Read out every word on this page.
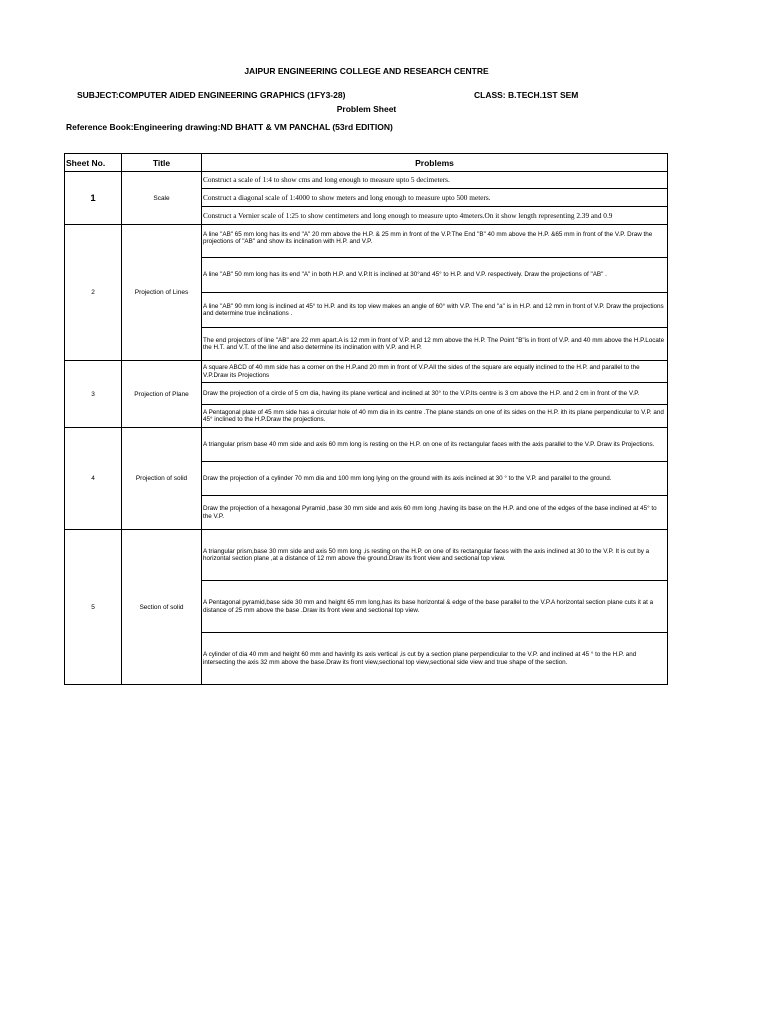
JAIPUR ENGINEERING COLLEGE AND RESEARCH CENTRE
SUBJECT:COMPUTER AIDED ENGINEERING GRAPHICS (1FY3-28)	CLASS: B.TECH.1ST SEM
Problem Sheet
Reference Book:Engineering drawing:ND BHATT & VM PANCHAL (53rd EDITION)
Sheet No.	Title	Problems
1	Scale	Construct a scale of 1:4 to show cms and long enough to measure upto 5 decimeters.
		Construct a diagonal scale of 1:4000 to show meters and long enough to measure upto 500 meters.
		Construct a Vernier scale of 1:25 to show centimeters and long enough to measure upto 4meters.On it show length representing 2.39 and 0.9
2	Projection of Lines	A line "AB" 65 mm long has its end "A" 20 mm above the H.P. & 25 mm in front of the V.P.The End "B" 40 mm above the H.P. &65 mm in front of the V.P. Draw the projections of "AB" and show its inclination with H.P. and V.P.
		A line "AB" 50 mm long has its end "A" in both H.P. and V.P.It is inclined at 30°and 45° to H.P. and V.P. respectively. Draw the projections of "AB" .
		A line "AB" 90 mm long is inclined at 45° to H.P. and its top view makes an angle of 60° with V.P. The end "a" is in H.P. and 12 mm in front of V.P. Draw the projections and determine true inclinations .
		The end projectors of line "AB" are 22 mm apart.A is 12 mm in front of V.P. and 12 mm above the H.P. The Point "B"is in front of V.P. and 40 mm above the H.P.Locate the H.T. and V.T. of the line and also determine its inclination with V.P. and H.P.
3	Projection of Plane	A square ABCD of 40 mm side has a corner on the H.P.and 20 mm in front of V.P.All the sides of the square are equally inclined to the H.P. and parallel to the V.P.Draw its Projections
		Draw the projection of a circle of 5 cm dia, having its plane vertical and inclined at 30° to the V.P.Its centre is 3 cm above the H.P. and 2 cm in front of the V.P.
		A Pentagonal plate of 45 mm side has a circular hole of 40 mm dia in its centre .The plane stands on one of its sides on the H.P. ith its plane perpendicular to V.P. and 45° inclined to the H.P.Draw the projections.
4	Projection of solid	A triangular prism base 40 mm side and axis 60 mm long is resting on the H.P. on one of its rectangular faces with the axis parallel to the V.P. Draw its Projections.
		Draw the projection of a cylinder 70 mm dia and 100 mm long lying on the ground with its axis inclined at 30 ° to the V.P. and parallel to the ground.
		Draw the projection of a hexagonal Pyramid ,base 30 mm side and axis 60 mm long ,having its base on the H.P. and one of the edges of the base inclined at 45° to the V.P.
5	Section of solid	A triangular prism,base 30 mm side and axis 50 mm long ,is resting on the H.P. on one of its rectangular faces with the axis inclined at 30 to the V.P. It is cut by a horizontal section plane ,at a distance of 12 mm above the ground.Draw its front view and sectional top view.
		A Pentagonal pyramid,base side 30 mm and height 65 mm long,has its base horizontal & edge of the base parallel to the V.P.A horizontal section plane cuts it at a distance of 25 mm above the base .Draw its front view and sectional top view.
		A cylinder of dia 40 mm and height 60 mm and havinfg its axis vertical ,is cut by a section plane perpendicular to the V.P. and inclined at 45 ° to the H.P. and intersecting the axis 32 mm above the base.Draw its front view,sectional top view,sectional side view and true shape of the section.
